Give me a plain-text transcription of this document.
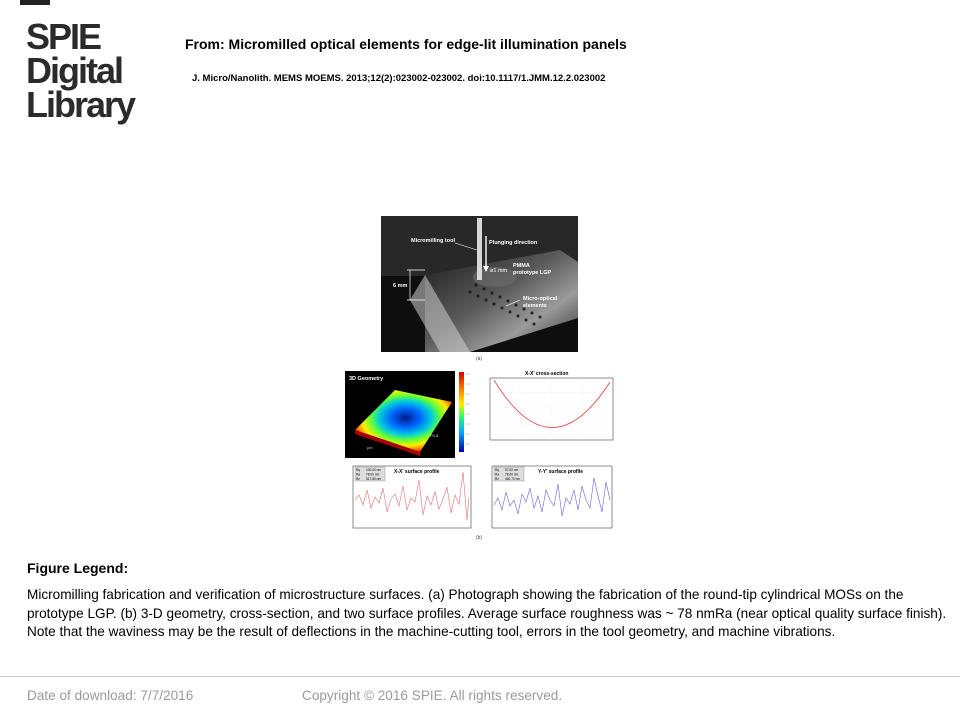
SPIE
Digital
Library
From: Micromilled optical elements for edge-lit illumination panels
J. Micro/Nanolith. MEMS MOEMS. 2013;12(2):023002-023002. doi:10.1117/1.JMM.12.2.023002
Micromilling tool	Plunging direction
ø1 mm
PMMA
prototype LGP
6 mm
Micro-optical
elements
(a)
3D Geometry
µm
P0.8
X-X' cross-section
Rq 100.00 nm
Ra 78.00 nm
Rz 517.80 nm
X-X' surface profile	Rq 97.00 nm
Ra 78.00 nm
Rz 460.70 nm
Y-Y' surface profile
(b)
Figure Legend:
Micromilling fabrication and verification of microstructure surfaces. (a) Photograph showing the fabrication of the round-tip cylindrical MOSs on the prototype LGP. (b) 3-D geometry, cross-section, and two surface profiles. Average surface roughness was ~ 78 nmRa (near optical quality surface finish). Note that the waviness may be the result of deflections in the machine-cutting tool, errors in the tool geometry, and machine vibrations.
Date of download: 7/7/2016	Copyright © 2016 SPIE. All rights reserved.
